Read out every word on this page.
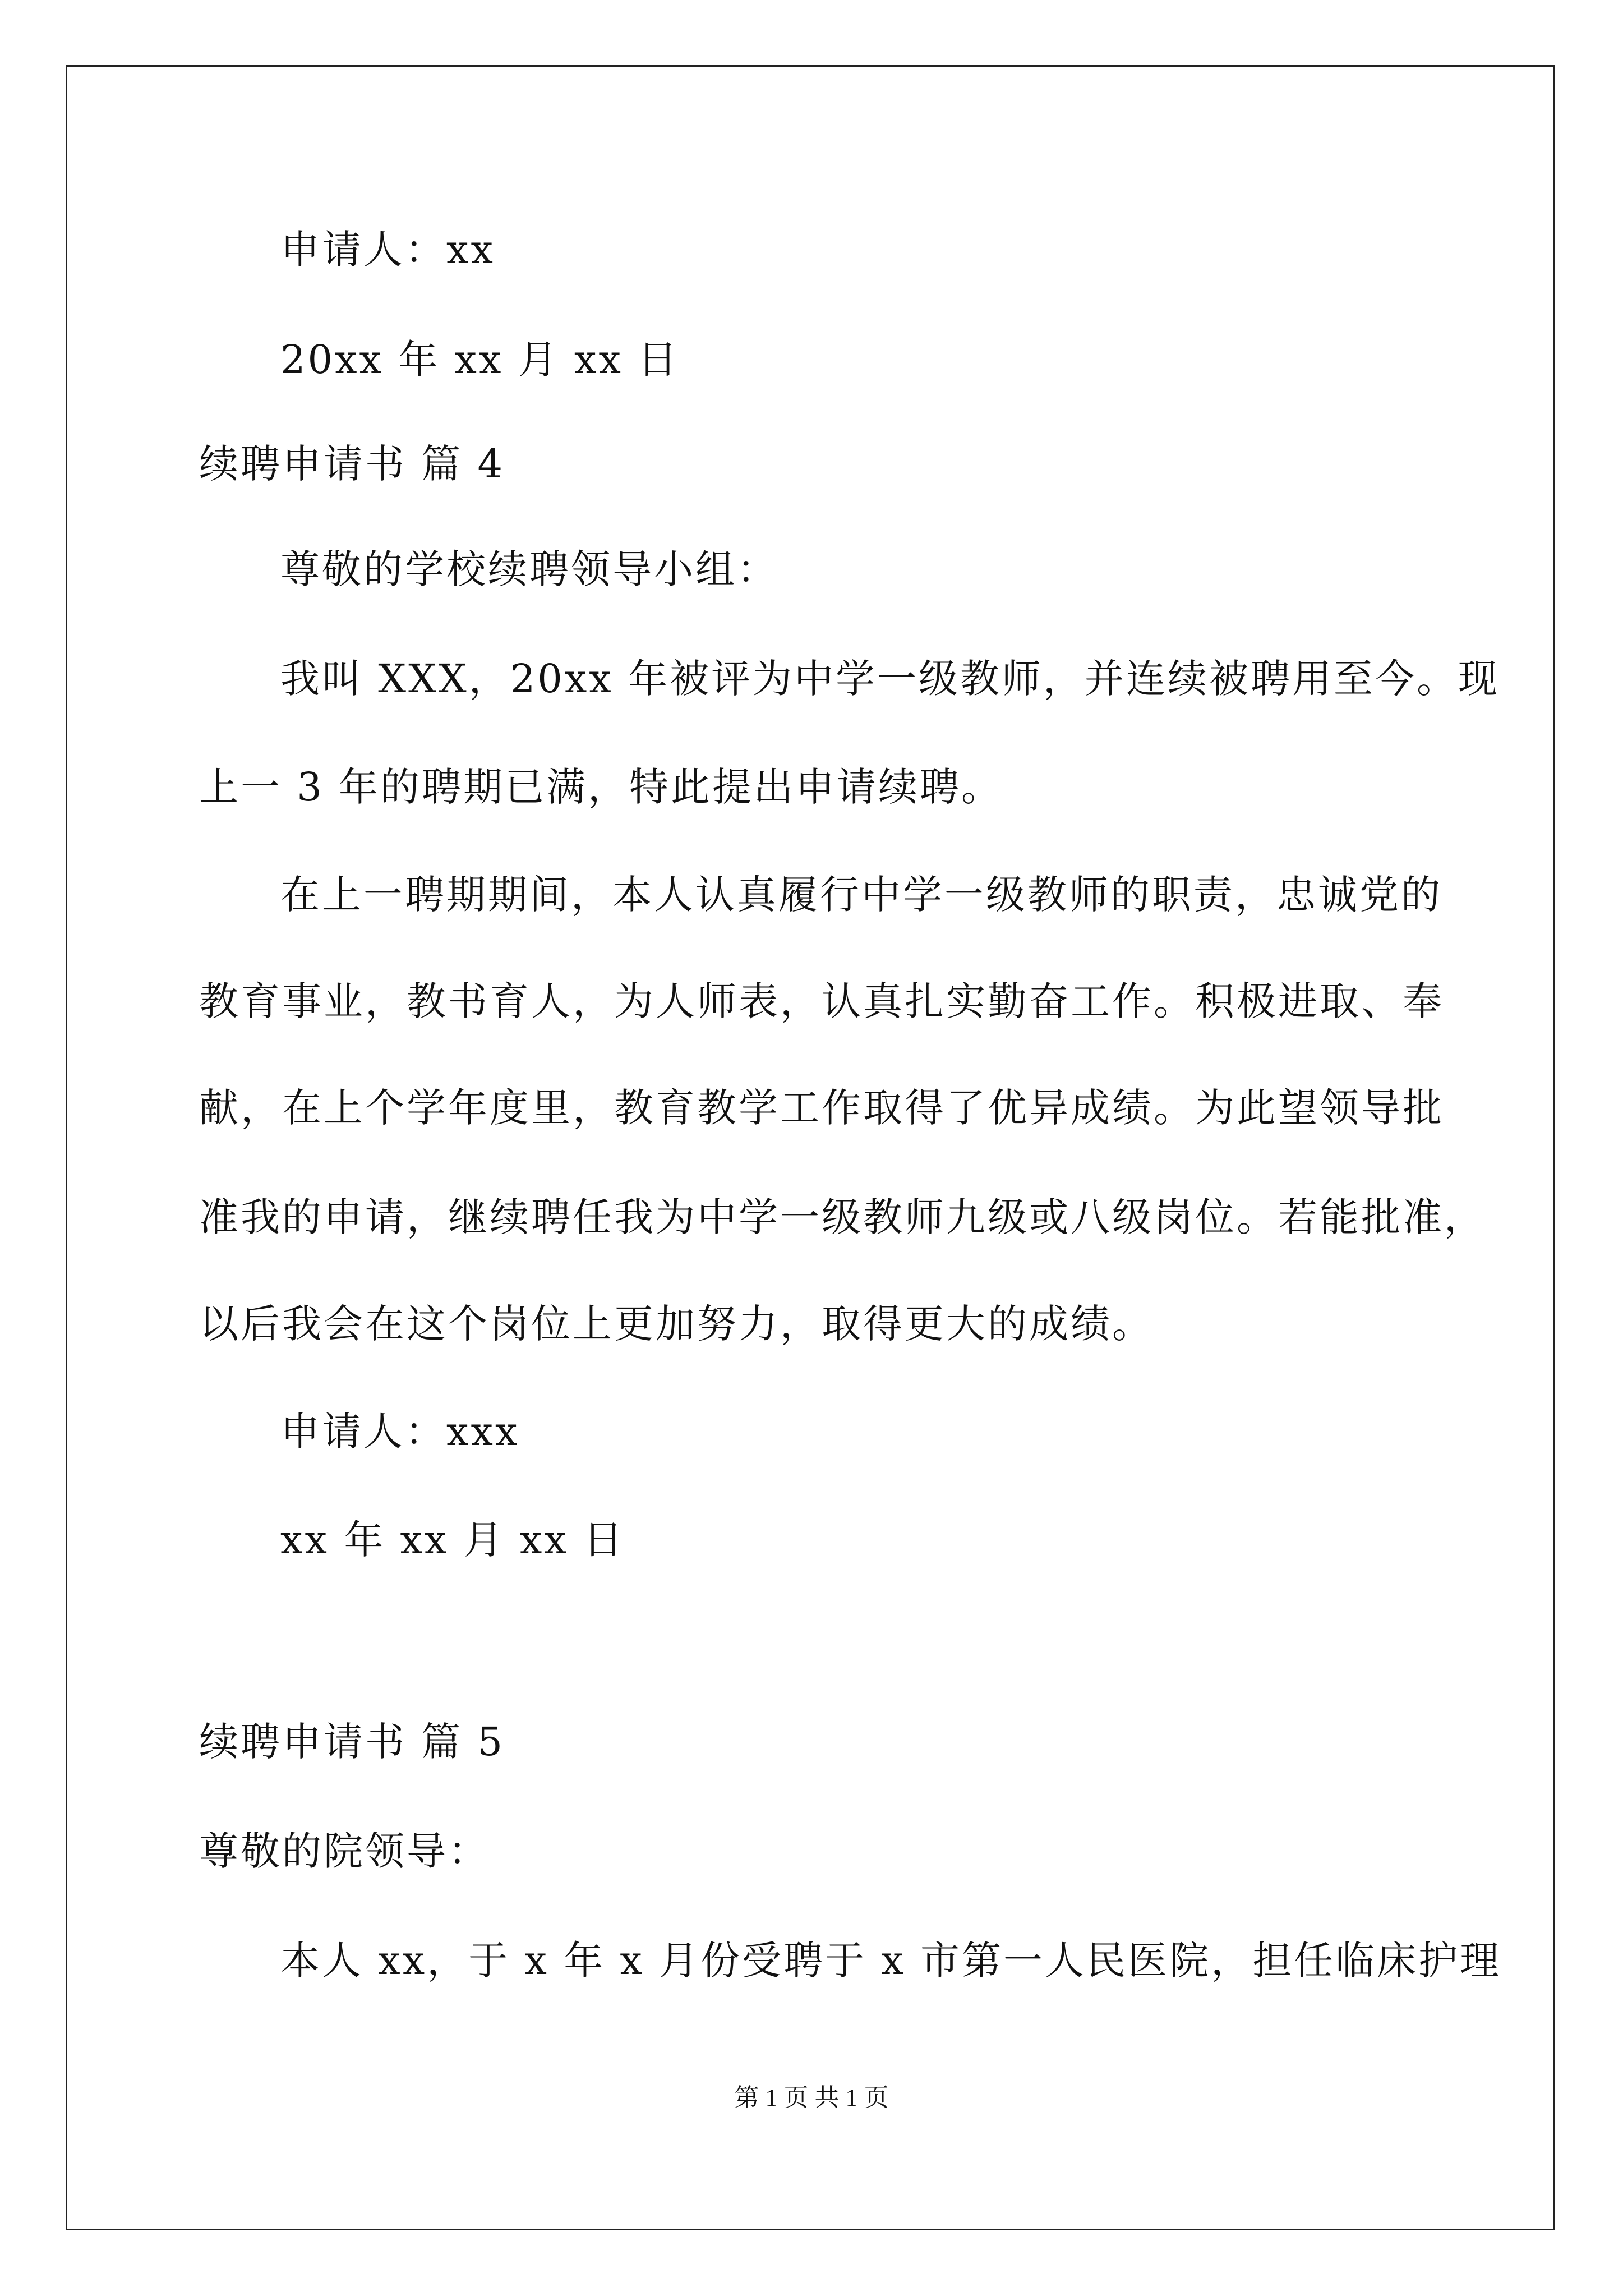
申请人：xx
20xx 年 xx 月 xx 日
续聘申请书 篇 4
尊敬的学校续聘领导小组：
我叫 XXX，20xx 年被评为中学一级教师，并连续被聘用至今。现
上一 3 年的聘期已满，特此提出申请续聘。
在上一聘期期间，本人认真履行中学一级教师的职责，忠诚党的
教育事业，教书育人，为人师表，认真扎实勤奋工作。积极进取、奉
献，在上个学年度里，教育教学工作取得了优异成绩。为此望领导批
准我的申请，继续聘任我为中学一级教师九级或八级岗位。若能批准，
以后我会在这个岗位上更加努力，取得更大的成绩。
申请人：xxx
xx 年 xx 月 xx 日
续聘申请书 篇 5
尊敬的院领导：
本人 xx，于 x 年 x 月份受聘于 x 市第一人民医院，担任临床护理
第 1 页 共 1 页
